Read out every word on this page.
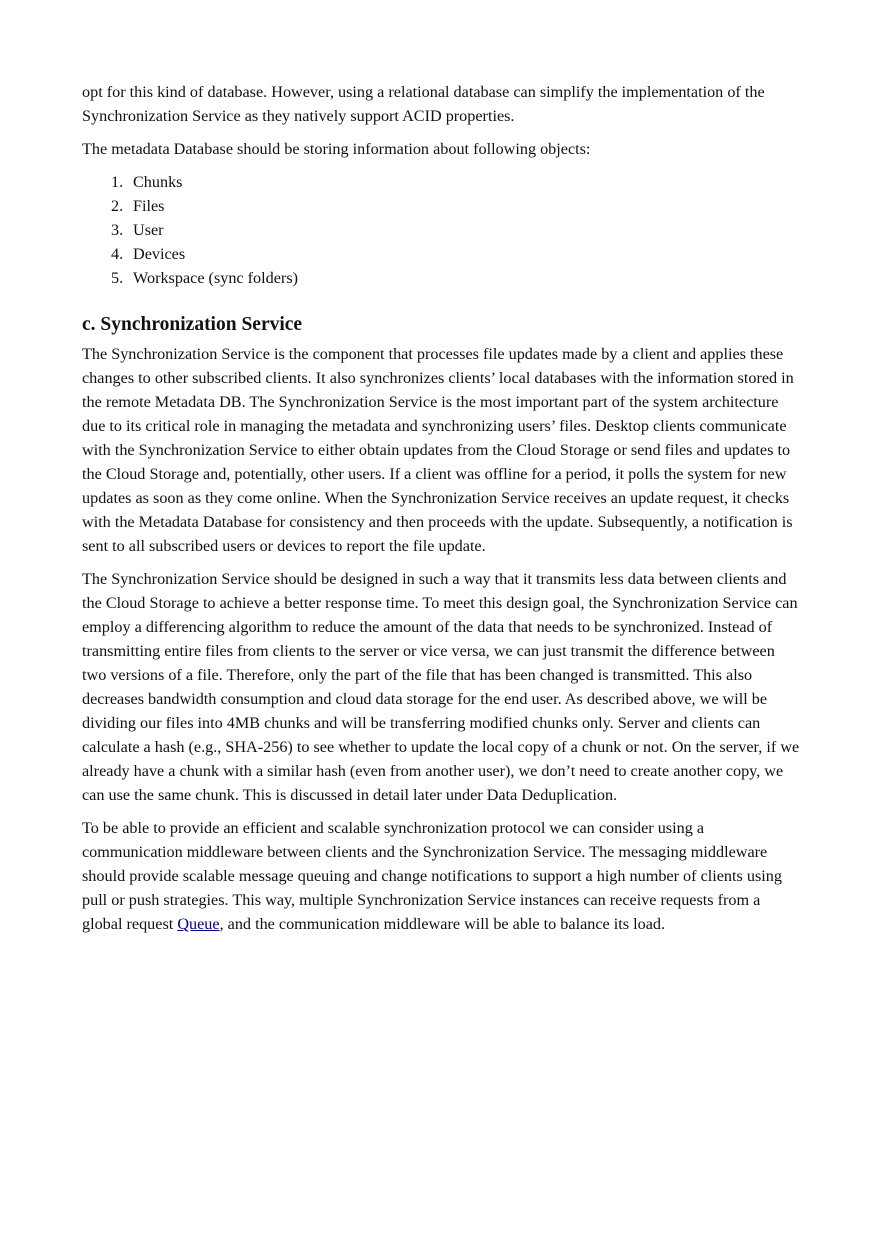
opt for this kind of database. However, using a relational database can simplify the implementation of the Synchronization Service as they natively support ACID properties.

The metadata Database should be storing information about following objects:

1. Chunks
2. Files
3. User
4. Devices
5. Workspace (sync folders)
c. Synchronization Service

The Synchronization Service is the component that processes file updates made by a client and applies these changes to other subscribed clients. It also synchronizes clients’ local databases with the information stored in the remote Metadata DB. The Synchronization Service is the most important part of the system architecture due to its critical role in managing the metadata and synchronizing users’ files. Desktop clients communicate with the Synchronization Service to either obtain updates from the Cloud Storage or send files and updates to the Cloud Storage and, potentially, other users. If a client was offline for a period, it polls the system for new updates as soon as they come online. When the Synchronization Service receives an update request, it checks with the Metadata Database for consistency and then proceeds with the update. Subsequently, a notification is sent to all subscribed users or devices to report the file update.

The Synchronization Service should be designed in such a way that it transmits less data between clients and the Cloud Storage to achieve a better response time. To meet this design goal, the Synchronization Service can employ a differencing algorithm to reduce the amount of the data that needs to be synchronized. Instead of transmitting entire files from clients to the server or vice versa, we can just transmit the difference between two versions of a file. Therefore, only the part of the file that has been changed is transmitted. This also decreases bandwidth consumption and cloud data storage for the end user. As described above, we will be dividing our files into 4MB chunks and will be transferring modified chunks only. Server and clients can calculate a hash (e.g., SHA-256) to see whether to update the local copy of a chunk or not. On the server, if we already have a chunk with a similar hash (even from another user), we don’t need to create another copy, we can use the same chunk. This is discussed in detail later under Data Deduplication.

To be able to provide an efficient and scalable synchronization protocol we can consider using a communication middleware between clients and the Synchronization Service. The messaging middleware should provide scalable message queuing and change notifications to support a high number of clients using pull or push strategies. This way, multiple Synchronization Service instances can receive requests from a global request Queue, and the communication middleware will be able to balance its load.
